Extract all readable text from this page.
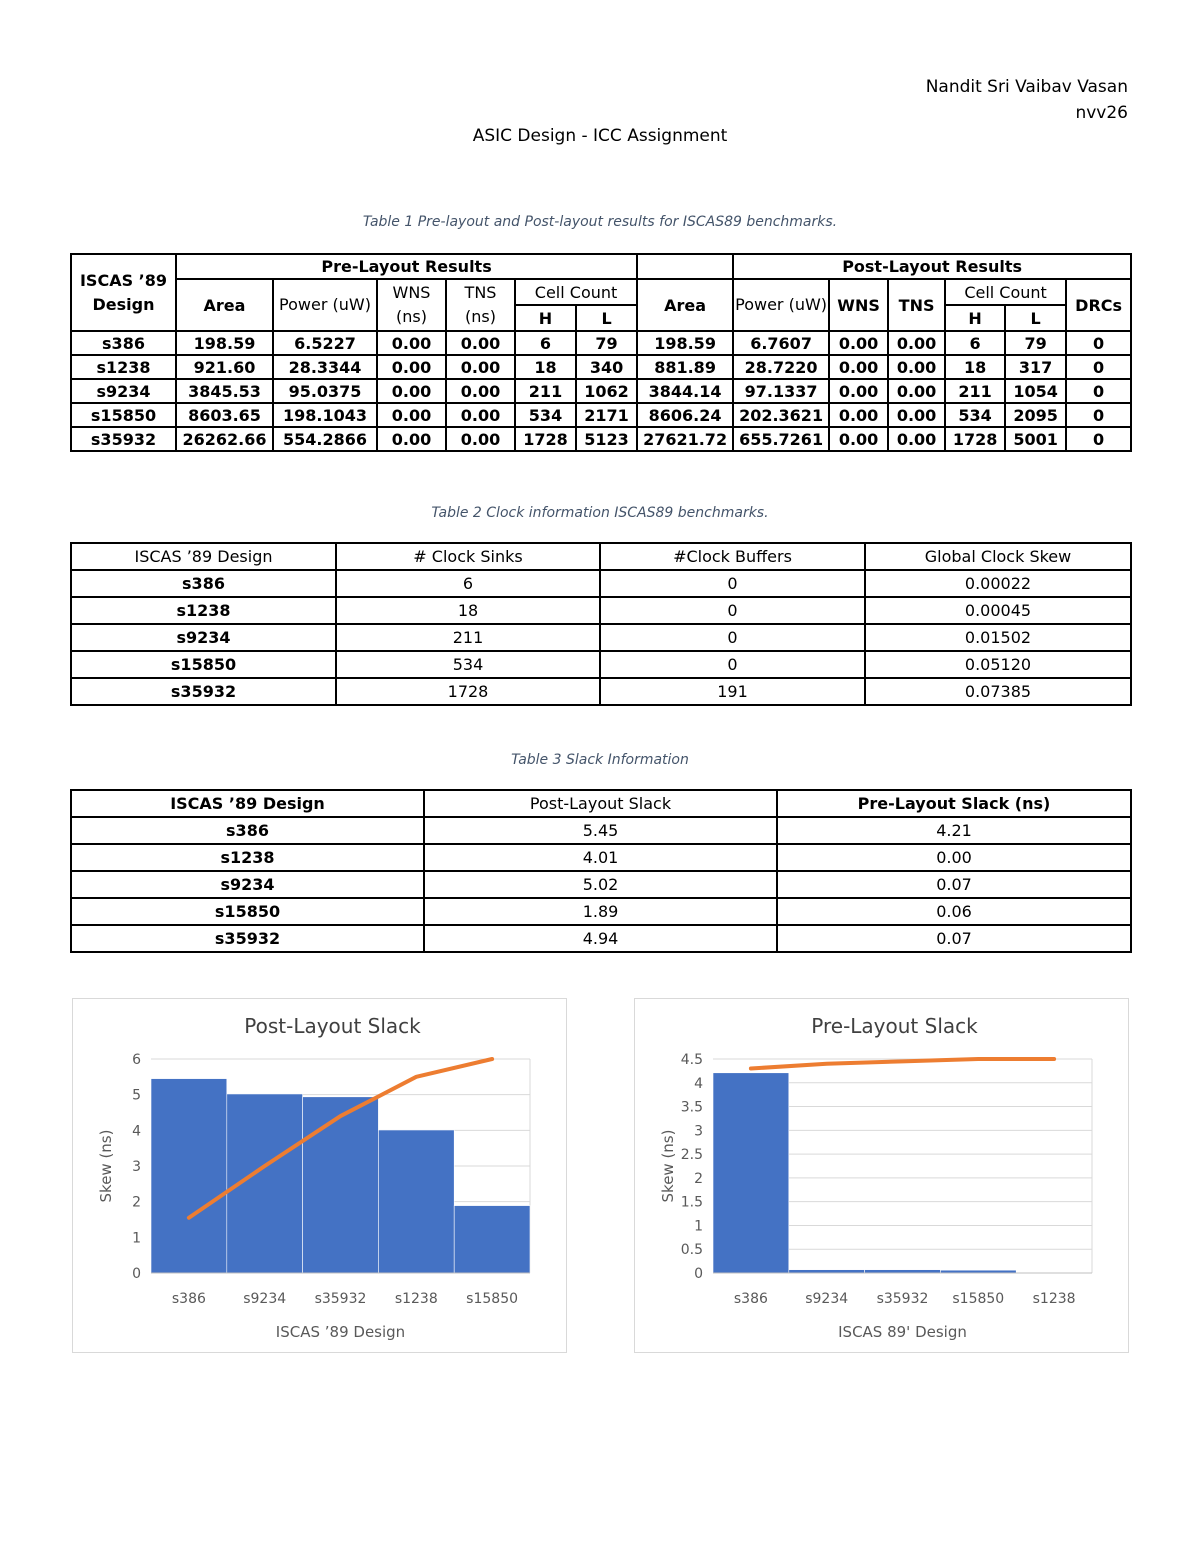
Nandit Sri Vaibav Vasan
nvv26
ASIC Design - ICC Assignment
Table 1 Pre-layout and Post-layout results for ISCAS89 benchmarks.
ISCAS ’89 Design	Pre-Layout Results							Post-Layout Results					
	Area	Power (uW)	WNS (ns)	TNS (ns)	Cell Count		Area	Power (uW)	WNS	TNS	Cell Count		DRCs
					H	L					H	L	
s386	198.59	6.5227	0.00	0.00	6	79	198.59	6.7607	0.00	0.00	6	79	0
s1238	921.60	28.3344	0.00	0.00	18	340	881.89	28.7220	0.00	0.00	18	317	0
s9234	3845.53	95.0375	0.00	0.00	211	1062	3844.14	97.1337	0.00	0.00	211	1054	0
s15850	8603.65	198.1043	0.00	0.00	534	2171	8606.24	202.3621	0.00	0.00	534	2095	0
s35932	26262.66	554.2866	0.00	0.00	1728	5123	27621.72	655.7261	0.00	0.00	1728	5001	0
Table 2 Clock information ISCAS89 benchmarks.
ISCAS ’89 Design	# Clock Sinks	#Clock Buffers	Global Clock Skew
s386	6	0	0.00022
s1238	18	0	0.00045
s9234	211	0	0.01502
s15850	534	0	0.05120
s35932	1728	191	0.07385
Table 3 Slack Information
ISCAS ’89 Design	Post-Layout Slack	Pre-Layout Slack (ns)
s386	5.45	4.21
s1238	4.01	0.00
s9234	5.02	0.07
s15850	1.89	0.06
s35932	4.94	0.07
Post-Layout Slack
0
1
2
3
4
5
6
s386	s9234 s35932 s1238 s15850
ISCAS ’89 Design
Skew (ns)
Pre-Layout Slack
0
0.5
1
1.5
2
2.5
3
3.5
4
4.5
s386	s9234 s35932 s15850 s1238
ISCAS 89' Design
Skew (ns)
